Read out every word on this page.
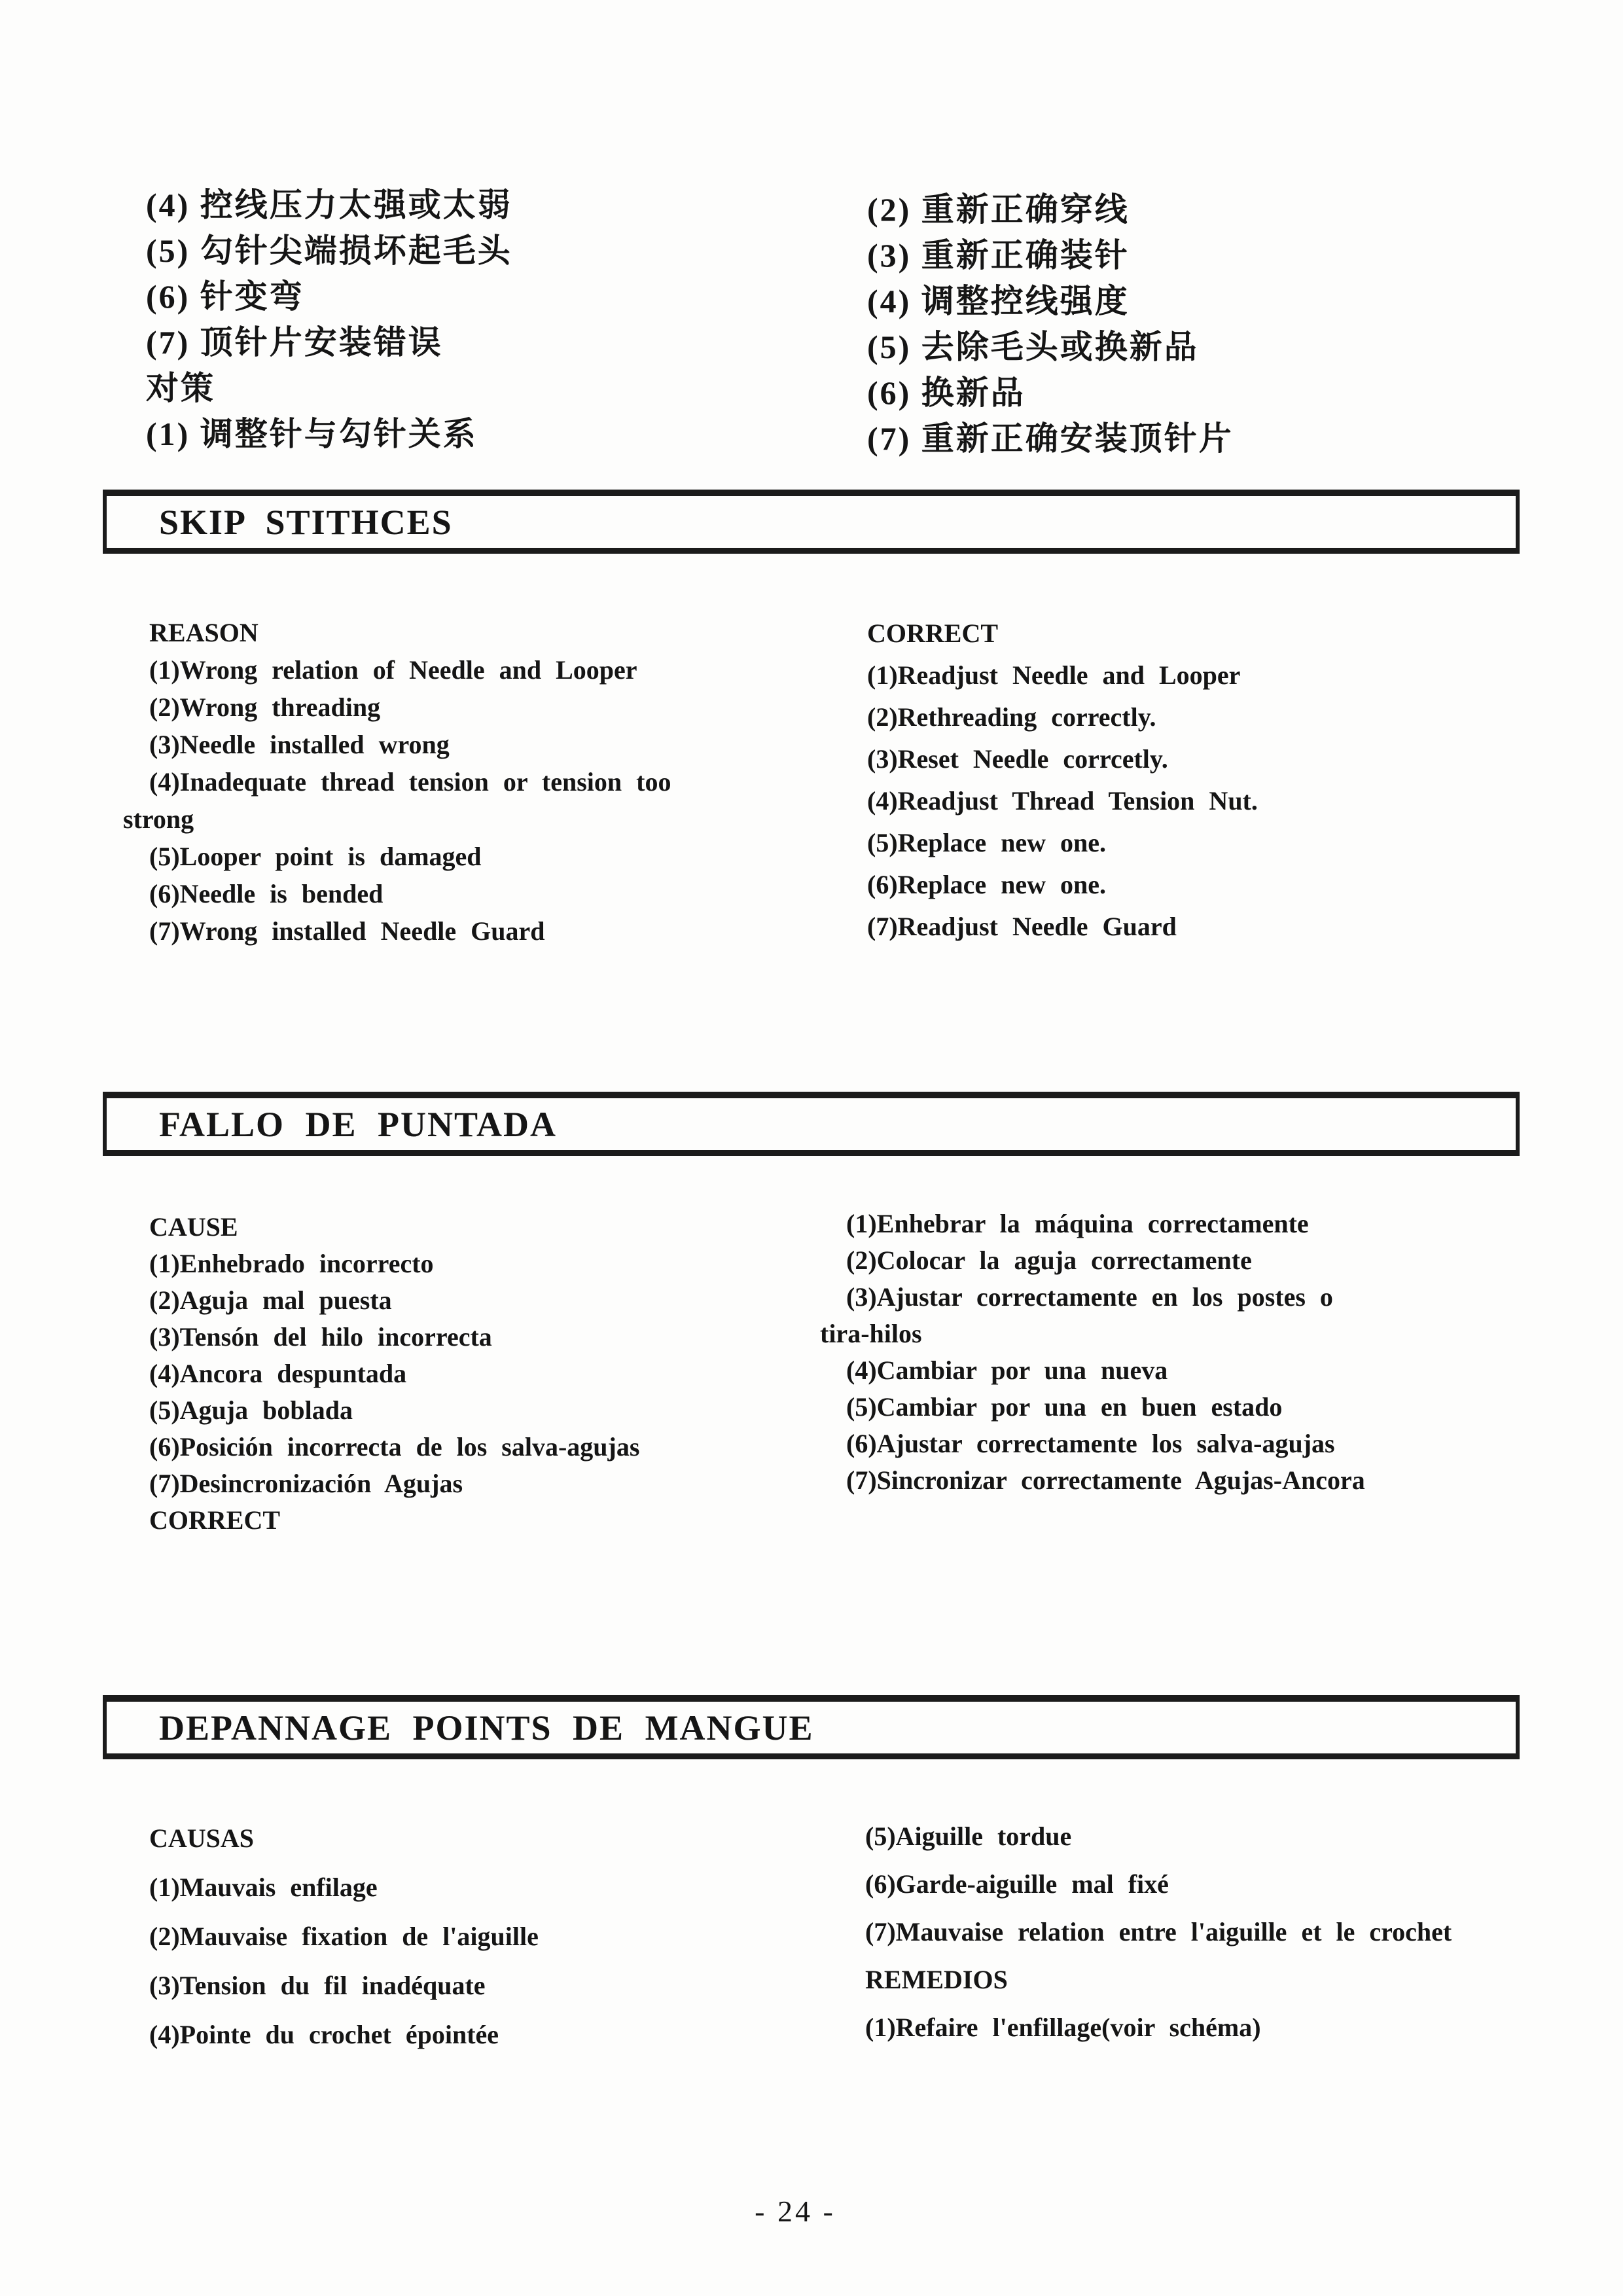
(4) 控线压力太强或太弱
(5) 勾针尖端损坏起毛头
(6) 针变弯
(7) 顶针片安装错误
对策
(1) 调整针与勾针关系
(2) 重新正确穿线
(3) 重新正确装针
(4) 调整控线强度
(5) 去除毛头或换新品
(6) 换新品
(7) 重新正确安装顶针片
SKIP STITHCES
REASON
(1)Wrong relation of Needle and Looper
(2)Wrong threading
(3)Needle installed wrong
(4)Inadequate thread tension or tension too
strong
(5)Looper point is damaged
(6)Needle is bended
(7)Wrong installed Needle Guard
CORRECT
(1)Readjust Needle and Looper
(2)Rethreading correctly.
(3)Reset Needle corrcetly.
(4)Readjust Thread Tension Nut.
(5)Replace new one.
(6)Replace new one.
(7)Readjust Needle Guard
FALLO DE PUNTADA
CAUSE
(1)Enhebrado incorrecto
(2)Aguja mal puesta
(3)Tensón del hilo incorrecta
(4)Ancora despuntada
(5)Aguja boblada
(6)Posición incorrecta de los salva-agujas
(7)Desincronización Agujas
CORRECT
(1)Enhebrar la máquina correctamente
(2)Colocar la aguja correctamente
(3)Ajustar correctamente en los postes o
tira-hilos
(4)Cambiar por una nueva
(5)Cambiar por una en buen estado
(6)Ajustar correctamente los salva-agujas
(7)Sincronizar correctamente Agujas-Ancora
DEPANNAGE POINTS DE MANGUE
CAUSAS
(1)Mauvais enfilage
(2)Mauvaise fixation de l'aiguille
(3)Tension du fil inadéquate
(4)Pointe du crochet épointée
(5)Aiguille tordue
(6)Garde-aiguille mal fixé
(7)Mauvaise relation entre l'aiguille et le crochet
REMEDIOS
(1)Refaire l'enfillage(voir schéma)
- 24 -
